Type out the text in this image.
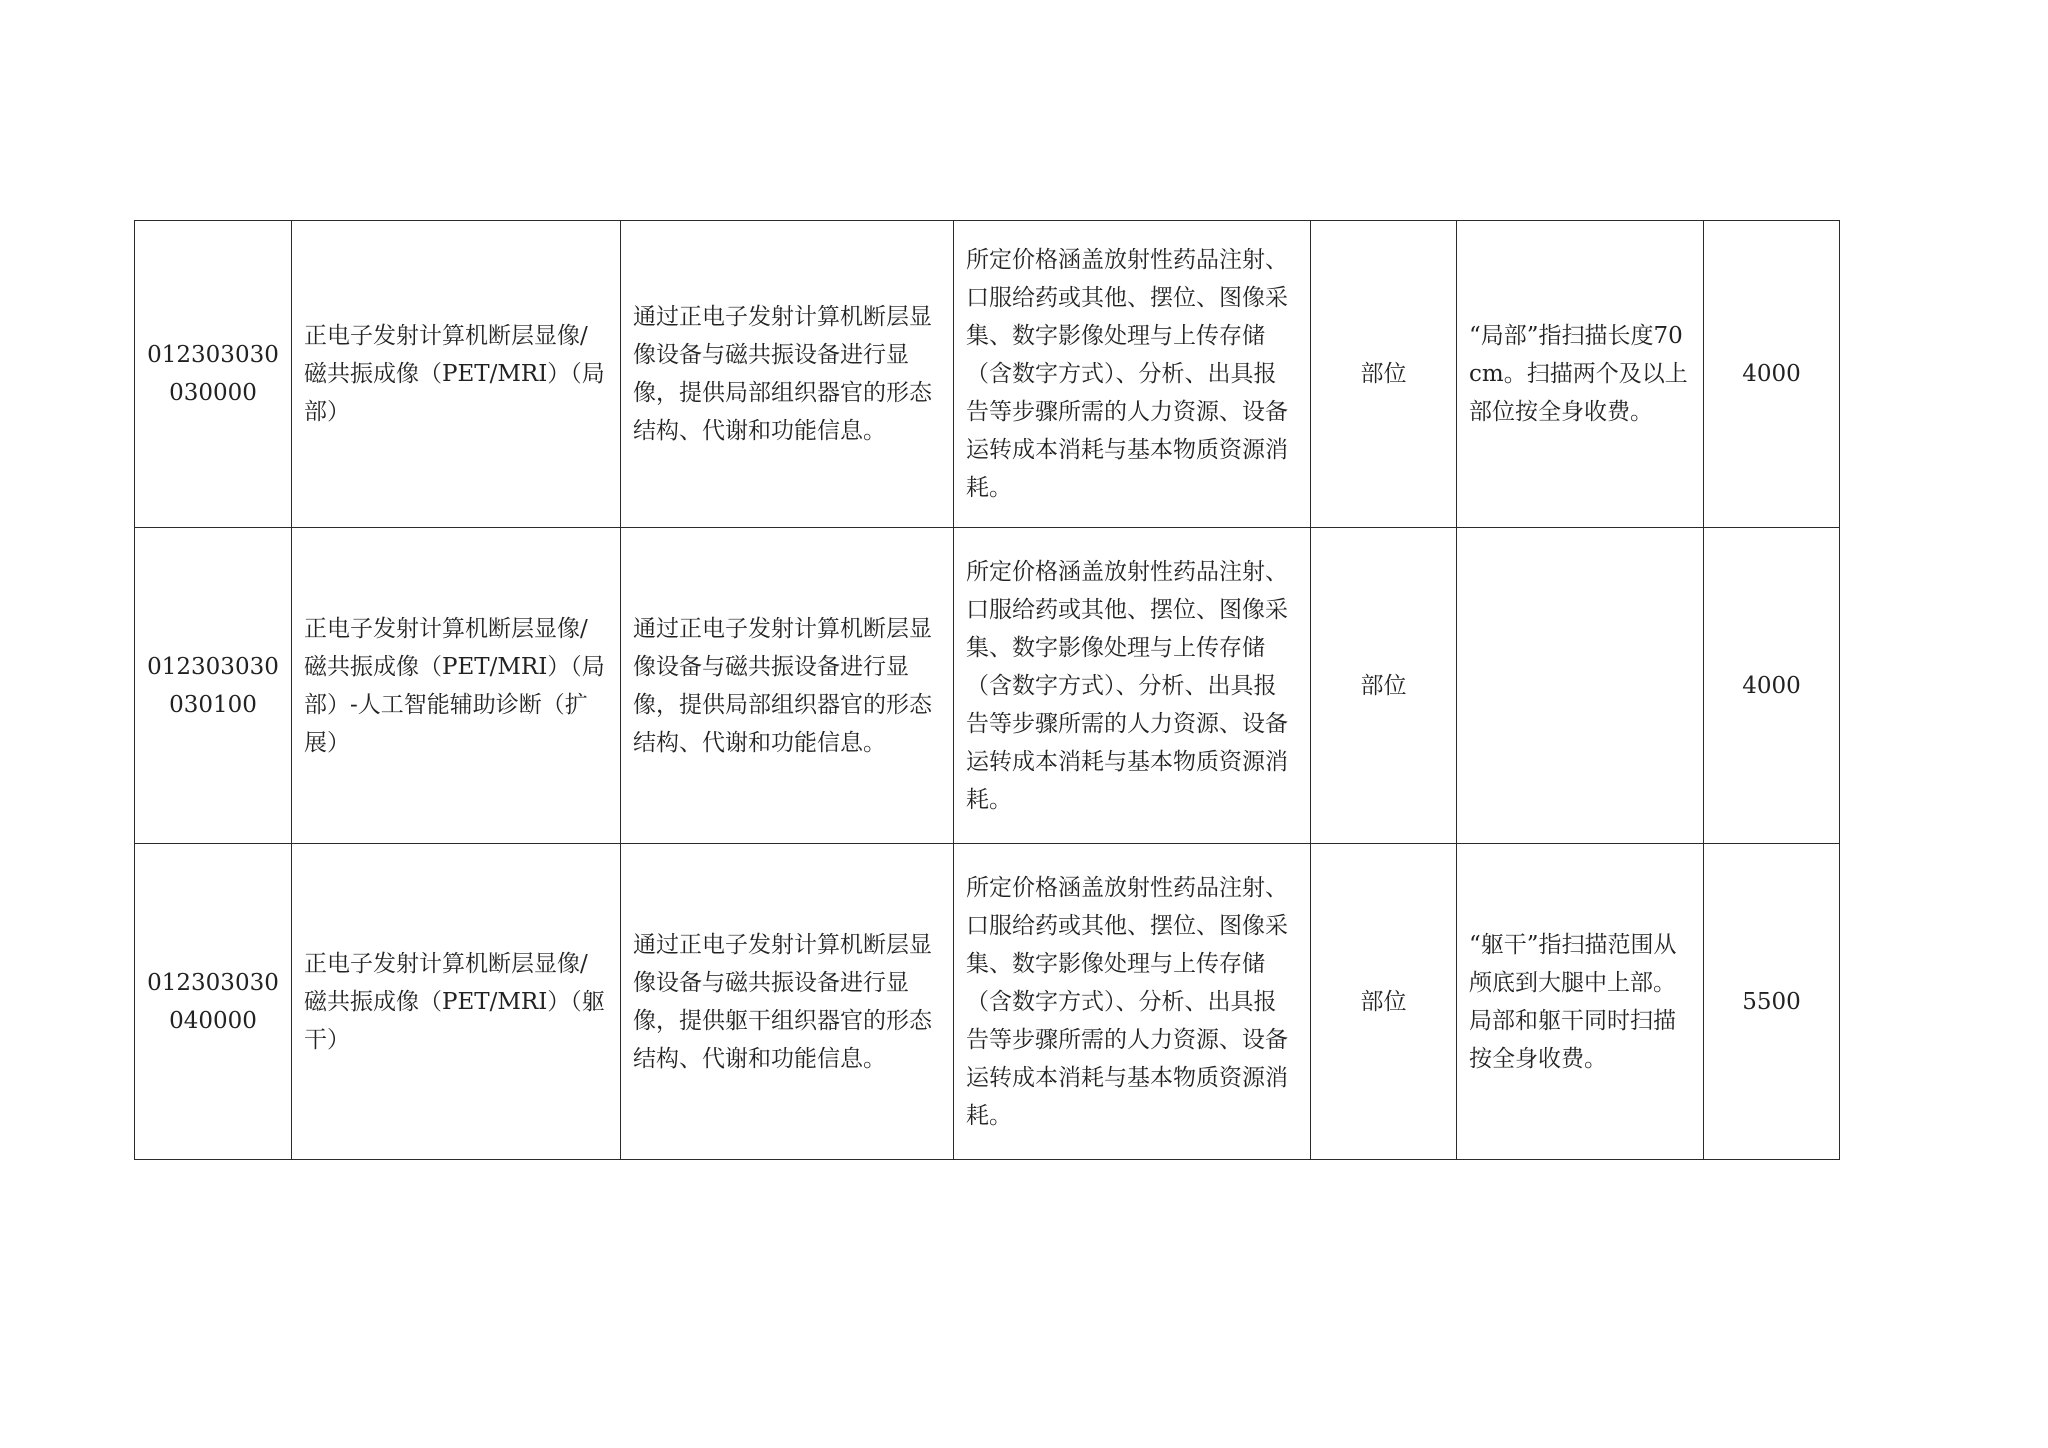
012303030030000	正电子发射计算机断层显像/磁共振成像（PET/MRI）（局部）	通过正电子发射计算机断层显像设备与磁共振设备进行显像，提供局部组织器官的形态结构、代谢和功能信息。	所定价格涵盖放射性药品注射、口服给药或其他、摆位、图像采集、数字影像处理与上传存储（含数字方式）、分析、出具报告等步骤所需的人力资源、设备运转成本消耗与基本物质资源消耗。	部位	“局部”指扫描长度70cm。扫描两个及以上部位按全身收费。	4000
012303030030100	正电子发射计算机断层显像/磁共振成像（PET/MRI）（局部）-人工智能辅助诊断（扩展）	通过正电子发射计算机断层显像设备与磁共振设备进行显像，提供局部组织器官的形态结构、代谢和功能信息。	所定价格涵盖放射性药品注射、口服给药或其他、摆位、图像采集、数字影像处理与上传存储（含数字方式）、分析、出具报告等步骤所需的人力资源、设备运转成本消耗与基本物质资源消耗。	部位		4000
012303030040000	正电子发射计算机断层显像/磁共振成像（PET/MRI）（躯干）	通过正电子发射计算机断层显像设备与磁共振设备进行显像，提供躯干组织器官的形态结构、代谢和功能信息。	所定价格涵盖放射性药品注射、口服给药或其他、摆位、图像采集、数字影像处理与上传存储（含数字方式）、分析、出具报告等步骤所需的人力资源、设备运转成本消耗与基本物质资源消耗。	部位	“躯干”指扫描范围从颅底到大腿中上部。局部和躯干同时扫描按全身收费。	5500
